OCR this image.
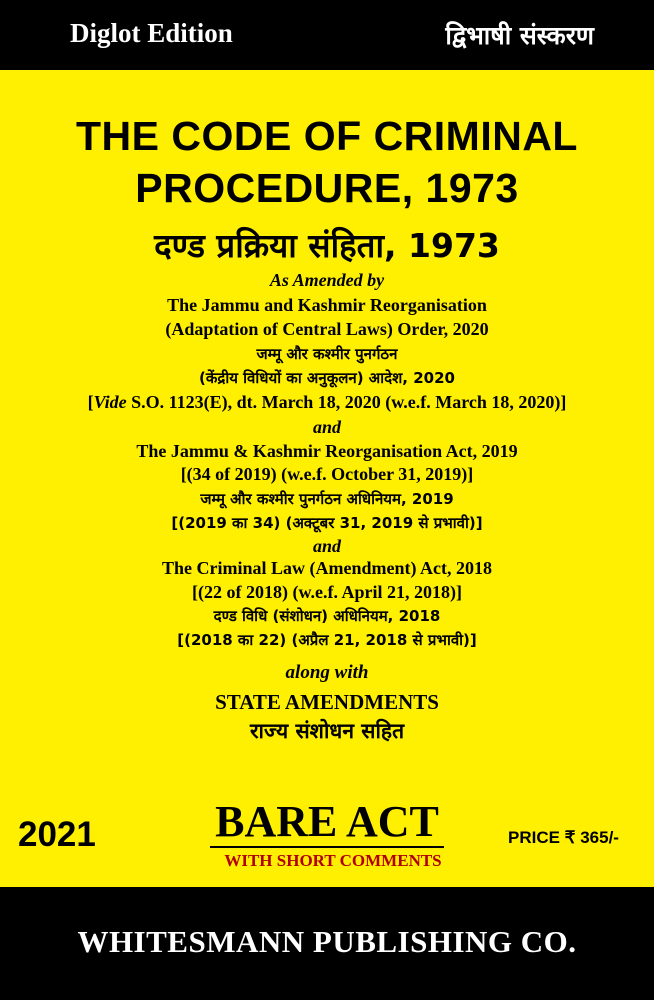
Diglot Edition	द्विभाषी संस्करण
THE CODE OF CRIMINAL
PROCEDURE, 1973
दण्ड प्रक्रिया संहिता, 1973
As Amended by
The Jammu and Kashmir Reorganisation
(Adaptation of Central Laws) Order, 2020
जम्मू और कश्मीर पुनर्गठन
(केंद्रीय विधियों का अनुकूलन) आदेश, 2020
[Vide S.O. 1123(E), dt. March 18, 2020 (w.e.f. March 18, 2020)]
and
The Jammu & Kashmir Reorganisation Act, 2019
[(34 of 2019) (w.e.f. October 31, 2019)]
जम्मू और कश्मीर पुनर्गठन अधिनियम, 2019
[(2019 का 34) (अक्टूबर 31, 2019 से प्रभावी)]
and
The Criminal Law (Amendment) Act, 2018
[(22 of 2018) (w.e.f. April 21, 2018)]
दण्ड विधि (संशोधन) अधिनियम, 2018
[(2018 का 22) (अप्रैल 21, 2018 से प्रभावी)]
along with
STATE AMENDMENTS
राज्य संशोधन सहित
2021	BARE ACT
WITH SHORT COMMENTS
PRICE ₹ 365/-
WHITESMANN PUBLISHING CO.
